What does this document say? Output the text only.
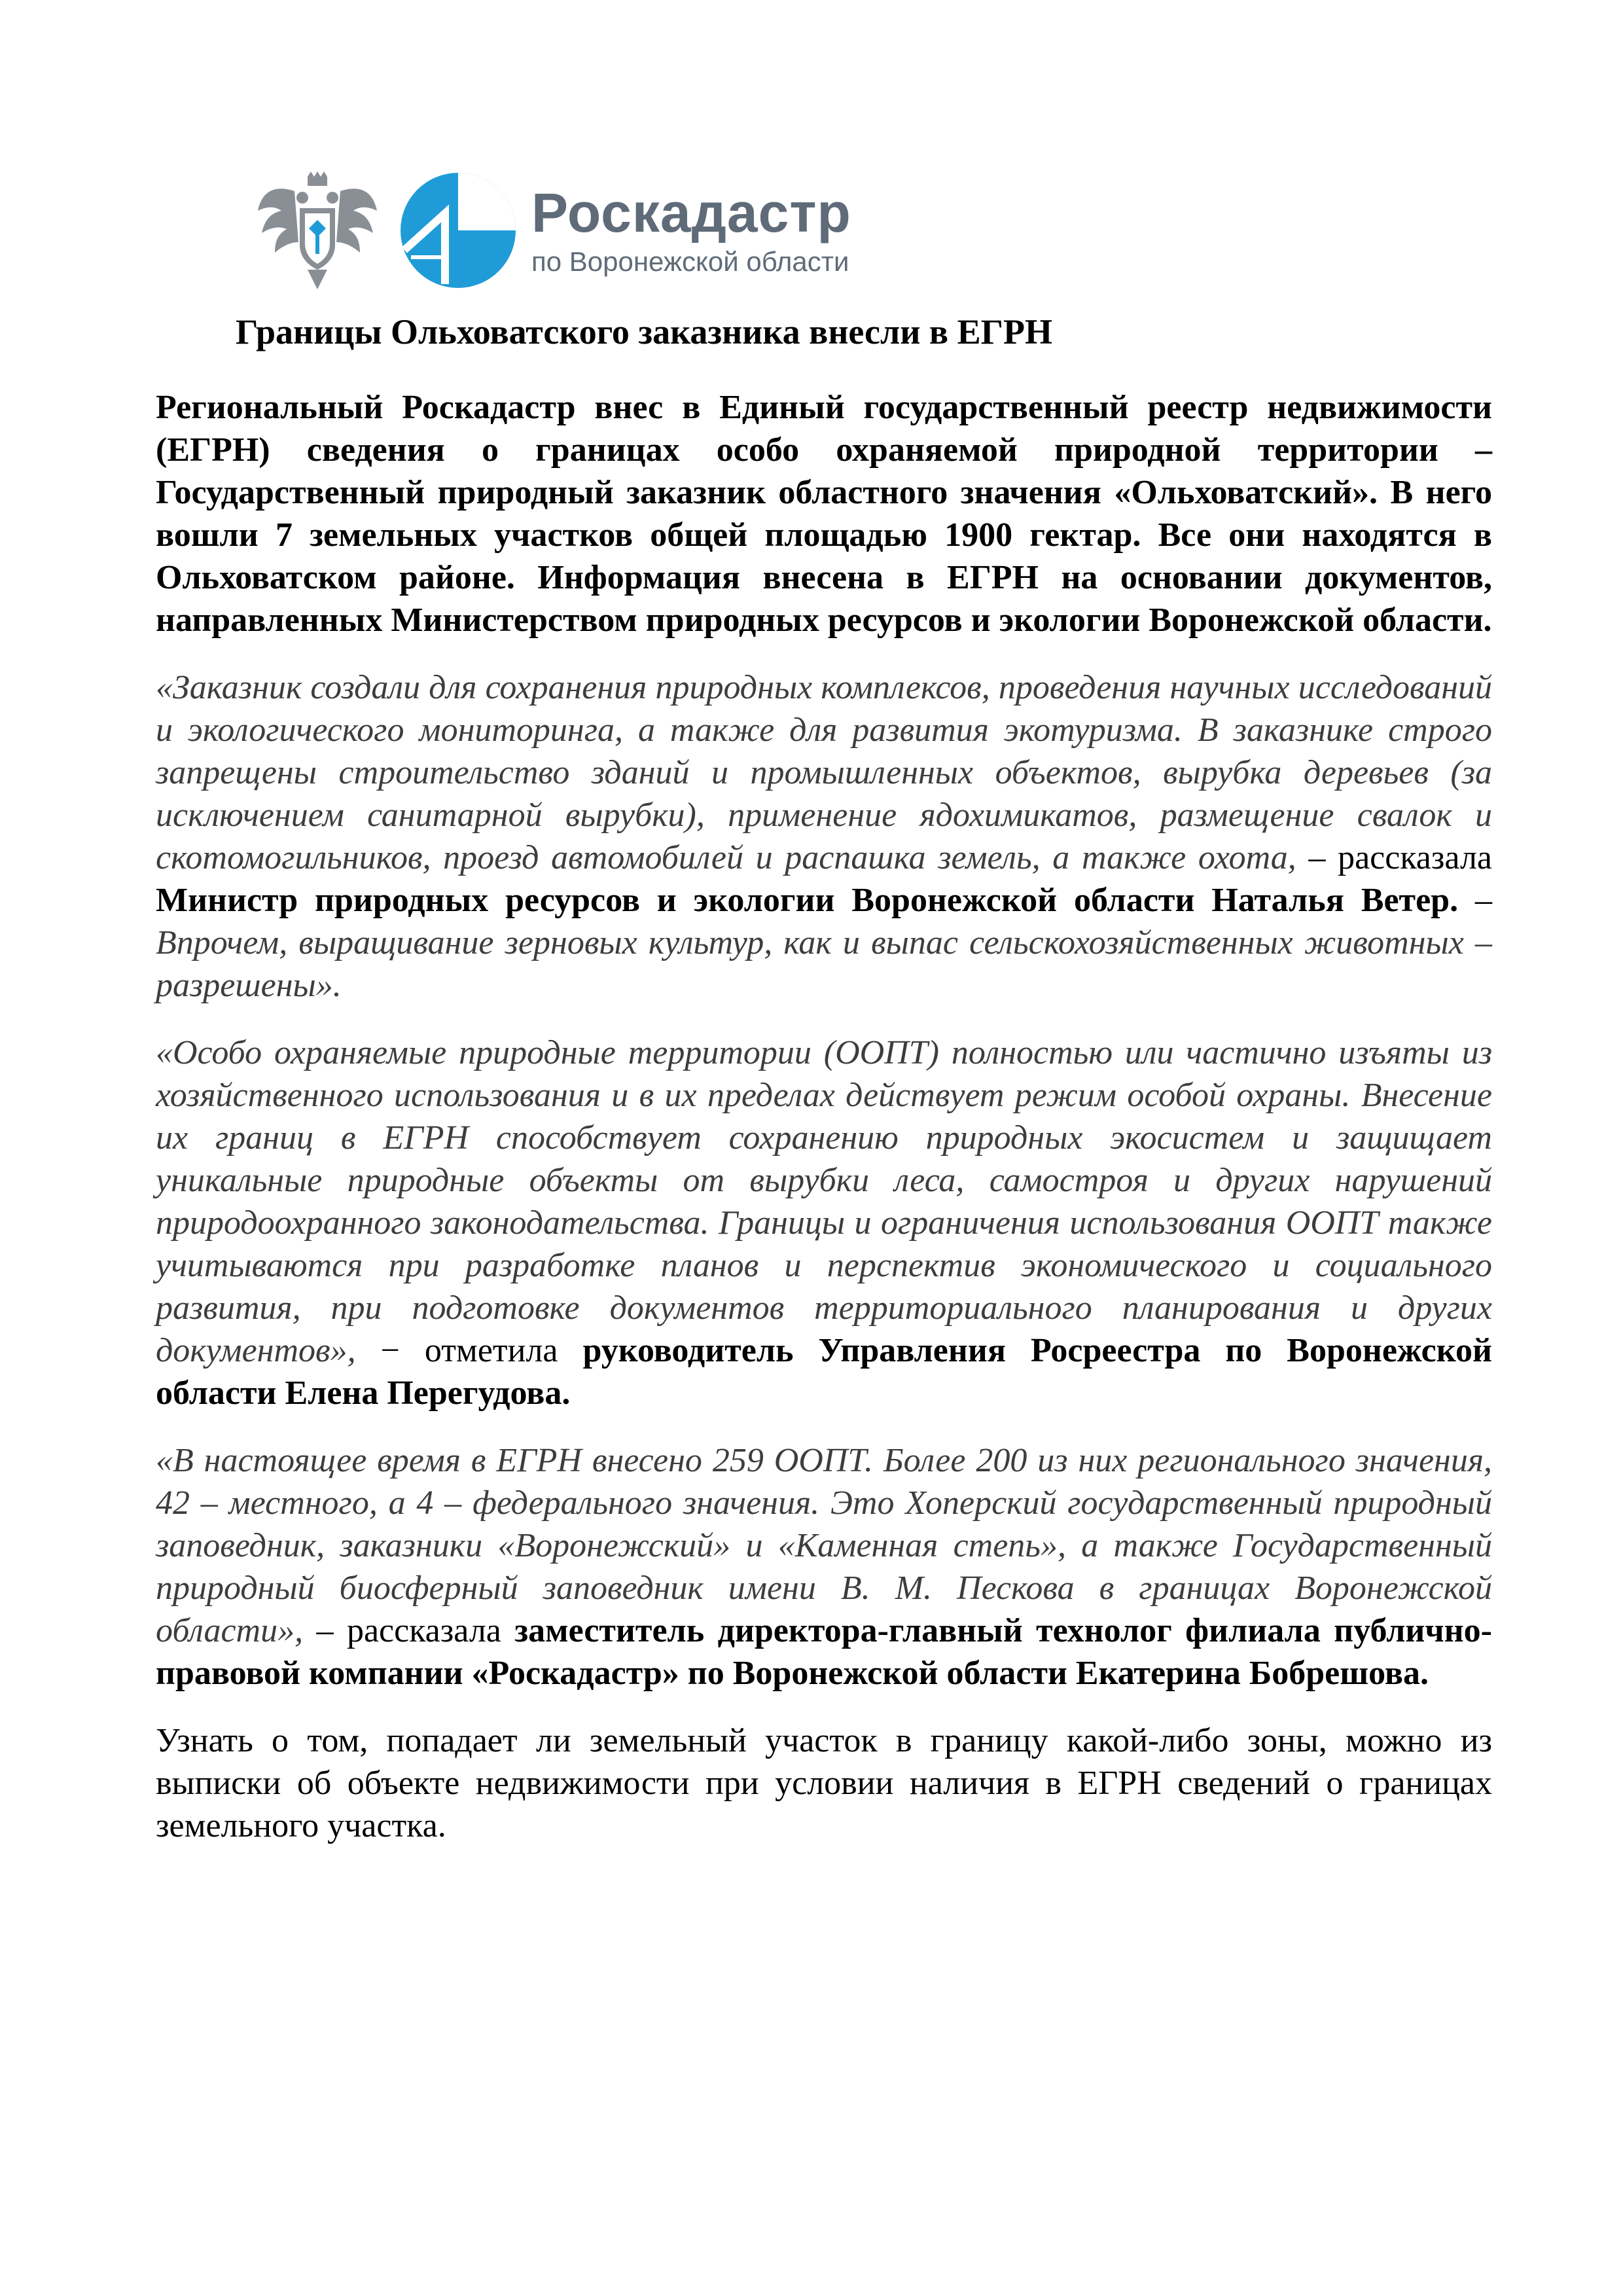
Роскадастр
по Воронежской области
Границы Ольховатского заказника внесли в ЕГРН

Региональный Роскадастр внес в Единый государственный реестр недвижимости (ЕГРН) сведения о границах особо охраняемой природной территории – Государственный природный заказник областного значения «Ольховатский». В него вошли 7 земельных участков общей площадью 1900 гектар. Все они находятся в Ольховатском районе. Информация внесена в ЕГРН на основании документов, направленных Министерством природных ресурсов и экологии Воронежской области.

«Заказник создали для сохранения природных комплексов, проведения научных исследований и экологического мониторинга, а также для развития экотуризма. В заказнике строго запрещены строительство зданий и промышленных объектов, вырубка деревьев (за исключением санитарной вырубки), применение ядохимикатов, размещение свалок и скотомогильников, проезд автомобилей и распашка земель, а также охота, – рассказала Министр природных ресурсов и экологии Воронежской области Наталья Ветер. – Впрочем, выращивание зерновых культур, как и выпас сельскохозяйственных животных – разрешены».

«Особо охраняемые природные территории (ООПТ) полностью или частично изъяты из хозяйственного использования и в их пределах действует режим особой охраны. Внесение их границ в ЕГРН способствует сохранению природных экосистем и защищает уникальные природные объекты от вырубки леса, самостроя и других нарушений природоохранного законодательства. Границы и ограничения использования ООПТ также учитываются при разработке планов и перспектив экономического и социального развития, при подготовке документов территориального планирования и других документов», − отметила руководитель Управления Росреестра по Воронежской области Елена Перегудова.

«В настоящее время в ЕГРН внесено 259 ООПТ. Более 200 из них регионального значения, 42 – местного, а 4 – федерального значения. Это Хоперский государственный природный заповедник, заказники «Воронежский» и «Каменная степь», а также Государственный природный биосферный заповедник имени В. М. Пескова в границах Воронежской области», – рассказала заместитель директора-главный технолог филиала публично-правовой компании «Роскадастр» по Воронежской области Екатерина Бобрешова.

Узнать о том, попадает ли земельный участок в границу какой-либо зоны, можно из выписки об объекте недвижимости при условии наличия в ЕГРН сведений о границах земельного участка.
